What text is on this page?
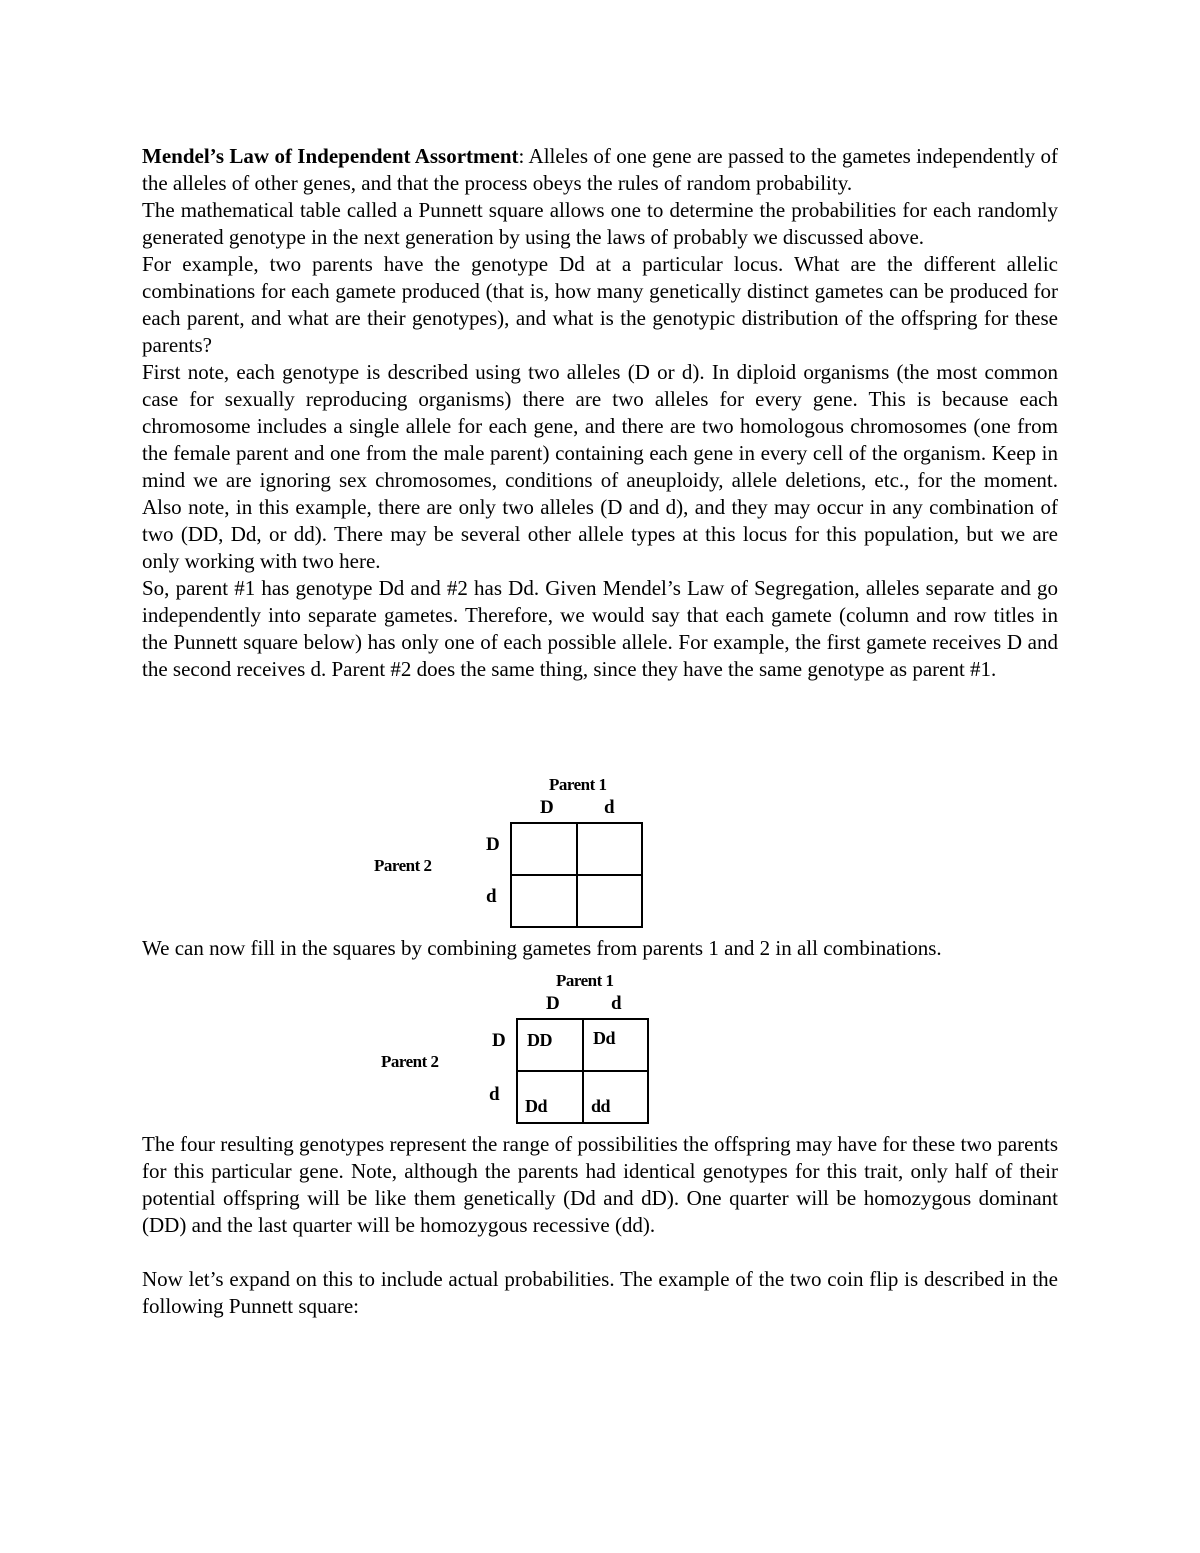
Mendel’s Law of Independent Assortment: Alleles of one gene are passed to the gametes independently of the alleles of other genes, and that the process obeys the rules of random probability.

The mathematical table called a Punnett square allows one to determine the probabilities for each randomly generated genotype in the next generation by using the laws of probably we discussed above.

For example, two parents have the genotype Dd at a particular locus. What are the different allelic combinations for each gamete produced (that is, how many genetically distinct gametes can be produced for each parent, and what are their genotypes), and what is the genotypic distribution of the offspring for these parents?

First note, each genotype is described using two alleles (D or d). In diploid organisms (the most common case for sexually reproducing organisms) there are two alleles for every gene. This is because each chromosome includes a single allele for each gene, and there are two homologous chromosomes (one from the female parent and one from the male parent) containing each gene in every cell of the organism. Keep in mind we are ignoring sex chromosomes, conditions of aneuploidy, allele deletions, etc., for the moment. Also note, in this example, there are only two alleles (D and d), and they may occur in any combination of two (DD, Dd, or dd). There may be several other allele types at this locus for this population, but we are only working with two here.

So, parent #1 has genotype Dd and #2 has Dd. Given Mendel’s Law of Segregation, alleles separate and go independently into separate gametes. Therefore, we would say that each gamete (column and row titles in the Punnett square below) has only one of each possible allele. For example, the first gamete receives D and the second receives d. Parent #2 does the same thing, since they have the same genotype as parent #1.

Parent 1
D	d
Parent 2
D
d

We can now fill in the squares by combining gametes from parents 1 and 2 in all combinations.

Parent 1
D	d
Parent 2
D
d
DD Dd
Dd dd

The four resulting genotypes represent the range of possibilities the offspring may have for these two parents for this particular gene. Note, although the parents had identical genotypes for this trait, only half of their potential offspring will be like them genetically (Dd and dD). One quarter will be homozygous dominant (DD) and the last quarter will be homozygous recessive (dd).

Now let’s expand on this to include actual probabilities. The example of the two coin flip is described in the following Punnett square:
